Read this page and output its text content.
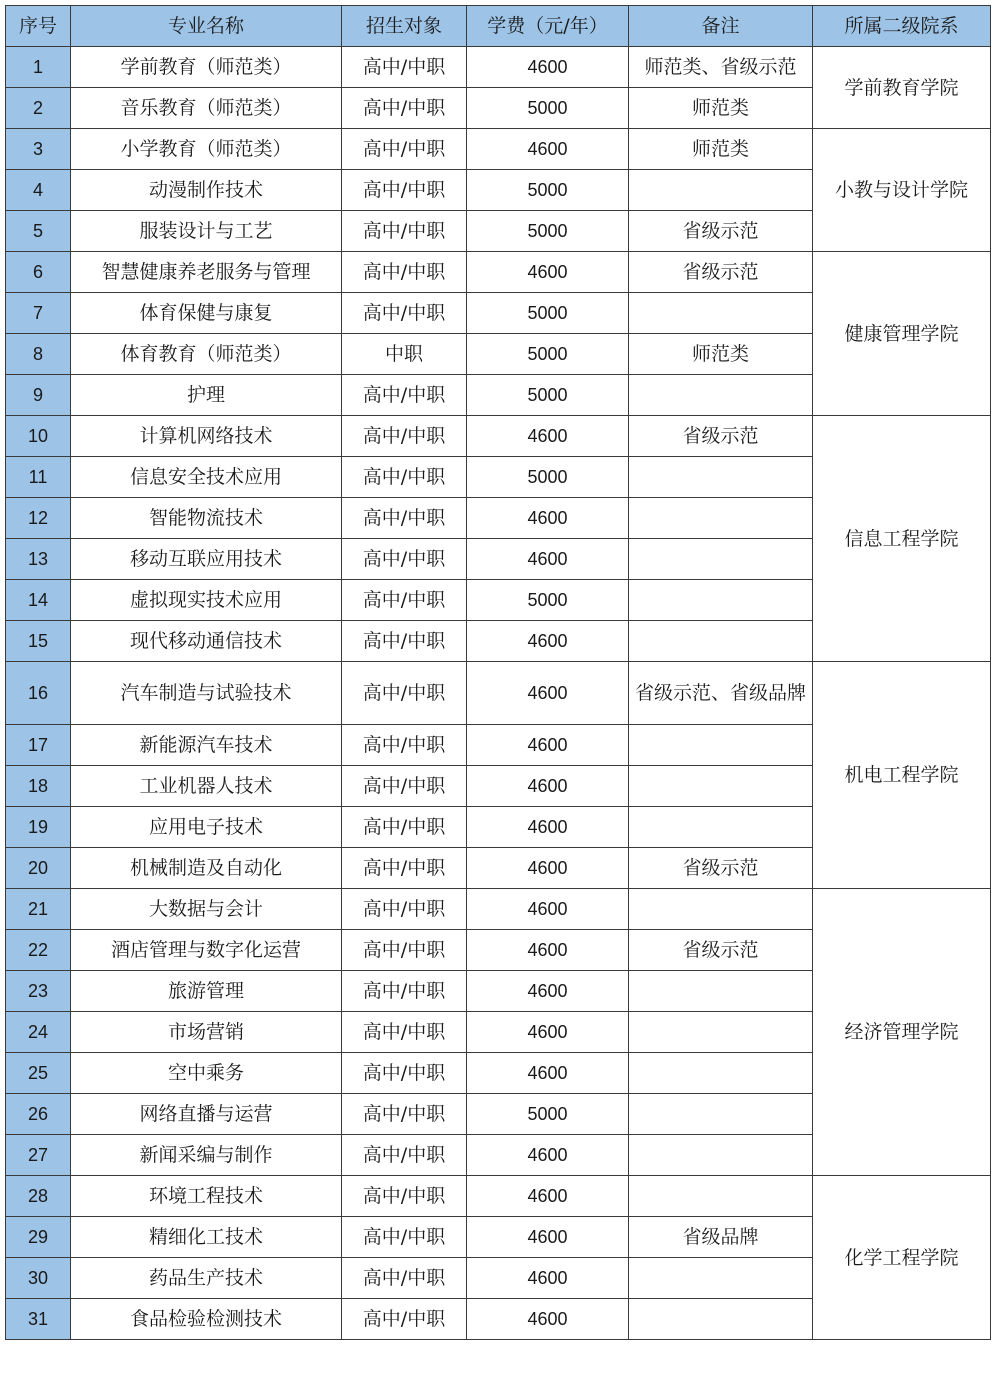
序号	专业名称	招生对象	学费（元/年）	备注	所属二级院系
1	学前教育（师范类）	高中/中职	4600	师范类、省级示范	学前教育学院
2	音乐教育（师范类）	高中/中职	5000	师范类	
3	小学教育（师范类）	高中/中职	4600	师范类	小教与设计学院
4	动漫制作技术	高中/中职	5000		
5	服装设计与工艺	高中/中职	5000	省级示范	
6	智慧健康养老服务与管理	高中/中职	4600	省级示范	健康管理学院
7	体育保健与康复	高中/中职	5000		
8	体育教育（师范类）	中职	5000	师范类	
9	护理	高中/中职	5000		
10	计算机网络技术	高中/中职	4600	省级示范	信息工程学院
11	信息安全技术应用	高中/中职	5000		
12	智能物流技术	高中/中职	4600		
13	移动互联应用技术	高中/中职	4600		
14	虚拟现实技术应用	高中/中职	5000		
15	现代移动通信技术	高中/中职	4600		
16	汽车制造与试验技术	高中/中职	4600	省级示范、省级品牌	机电工程学院
17	新能源汽车技术	高中/中职	4600		
18	工业机器人技术	高中/中职	4600		
19	应用电子技术	高中/中职	4600		
20	机械制造及自动化	高中/中职	4600	省级示范	
21	大数据与会计	高中/中职	4600		经济管理学院
22	酒店管理与数字化运营	高中/中职	4600	省级示范	
23	旅游管理	高中/中职	4600		
24	市场营销	高中/中职	4600		
25	空中乘务	高中/中职	4600		
26	网络直播与运营	高中/中职	5000		
27	新闻采编与制作	高中/中职	4600		
28	环境工程技术	高中/中职	4600		化学工程学院
29	精细化工技术	高中/中职	4600	省级品牌	
30	药品生产技术	高中/中职	4600		
31	食品检验检测技术	高中/中职	4600		
